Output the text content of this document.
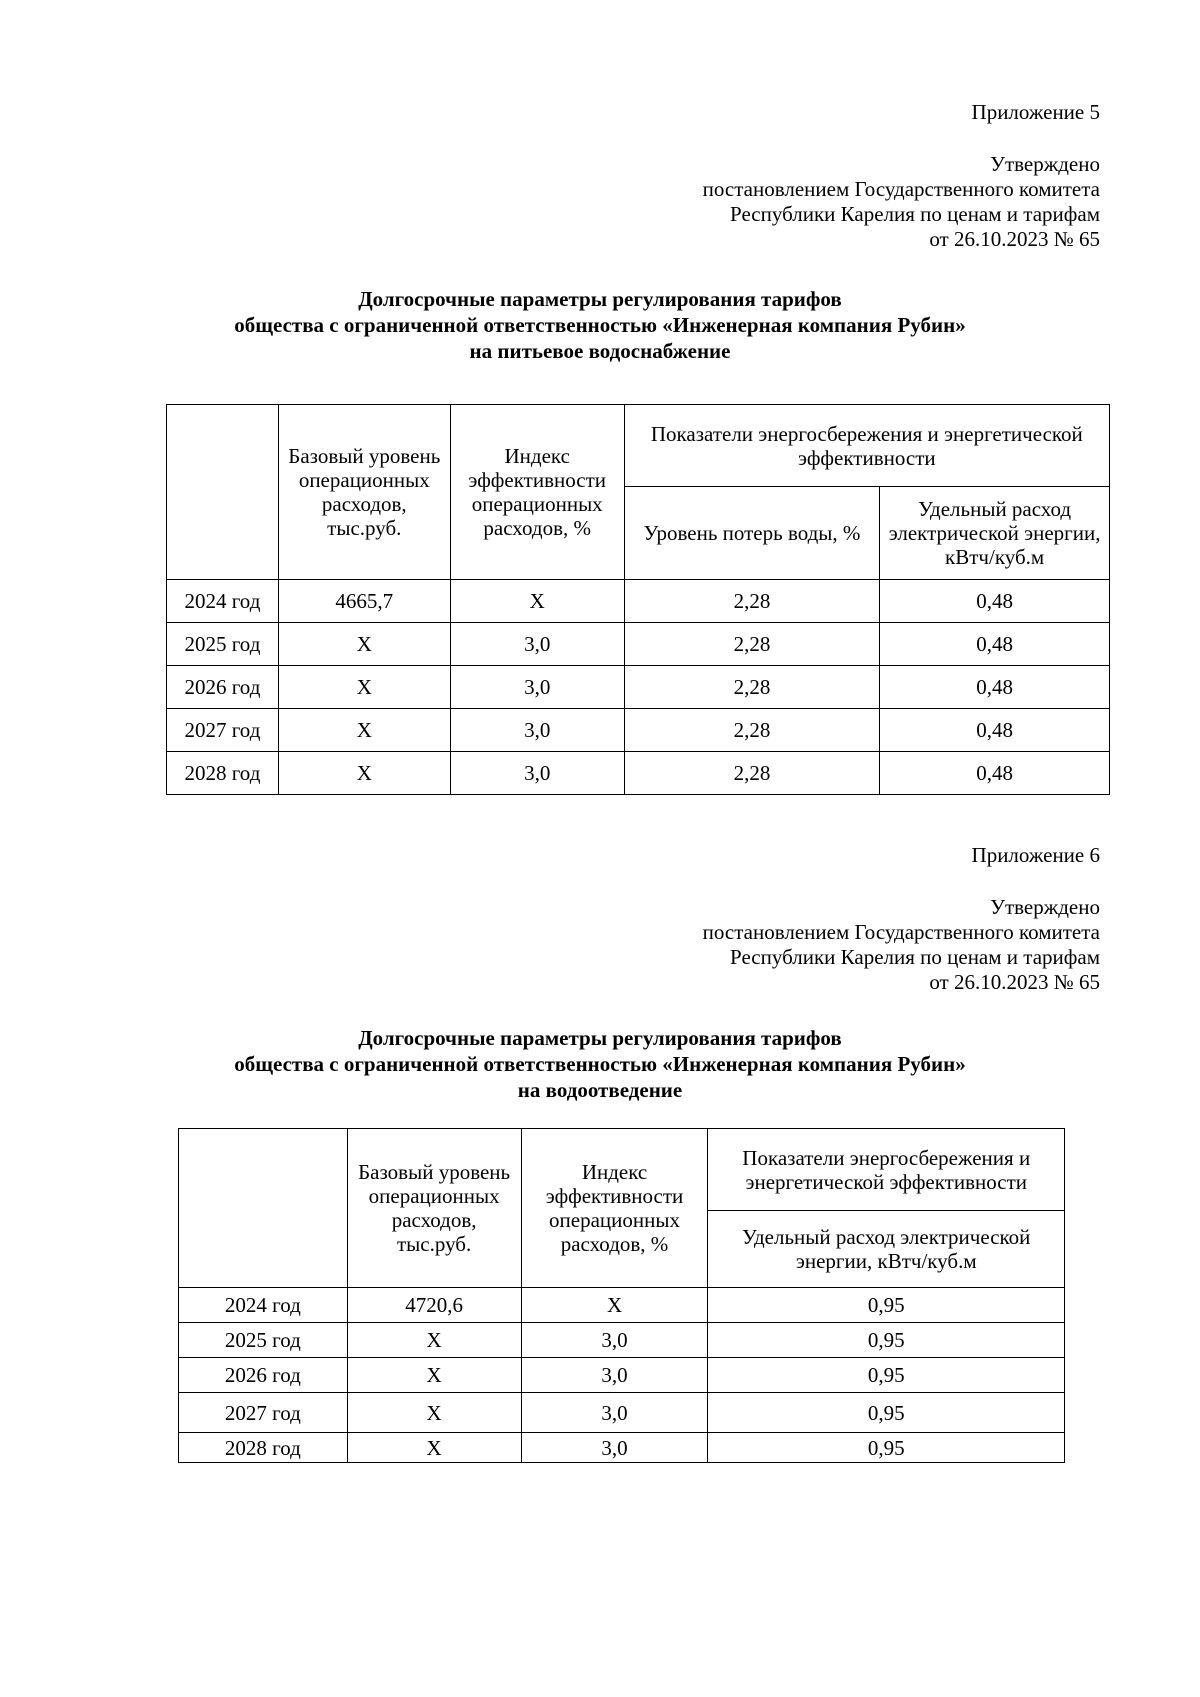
Приложение 5
Утверждено
постановлением Государственного комитета
Республики Карелия по ценам и тарифам
от 26.10.2023 № 65
Долгосрочные параметры регулирования тарифов
общества с ограниченной ответственностью «Инженерная компания Рубин»
на питьевое водоснабжение
	Базовый уровень операционных расходов, тыс.руб.	Индекс эффективности операционных расходов, %	Показатели энергосбережения и энергетической эффективности	
			Уровень потерь воды, %	Удельный расход электрической энергии, кВтч/куб.м
2024 год	4665,7	Х	2,28	0,48
2025 год	Х	3,0	2,28	0,48
2026 год	Х	3,0	2,28	0,48
2027 год	Х	3,0	2,28	0,48
2028 год	Х	3,0	2,28	0,48
Приложение 6
Утверждено
постановлением Государственного комитета
Республики Карелия по ценам и тарифам
от 26.10.2023 № 65
Долгосрочные параметры регулирования тарифов
общества с ограниченной ответственностью «Инженерная компания Рубин»
на водоотведение
	Базовый уровень операционных расходов, тыс.руб.	Индекс эффективности операционных расходов, %	Показатели энергосбережения и энергетической эффективности
			Удельный расход электрической энергии, кВтч/куб.м
2024 год	4720,6	Х	0,95
2025 год	Х	3,0	0,95
2026 год	Х	3,0	0,95
2027 год	Х	3,0	0,95
2028 год	Х	3,0	0,95
